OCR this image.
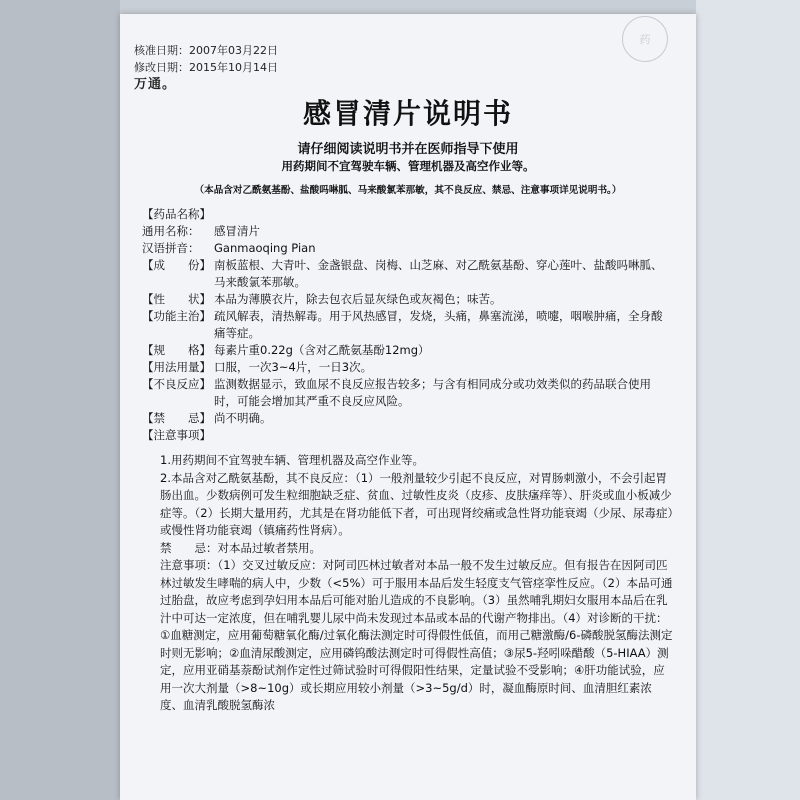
核准日期：2007年03月22日
修改日期：2015年10月14日
万通。
药
感冒清片说明书
请仔细阅读说明书并在医师指导下使用
用药期间不宜驾驶车辆、管理机器及高空作业等。
（本品含对乙酰氨基酚、盐酸吗啉胍、马来酸氯苯那敏，其不良反应、禁忌、注意事项详见说明书。）
【药品名称】
通用名称：	感冒清片
汉语拼音：	Ganmaoqing Pian
【成　　份】 南板蓝根、大青叶、金盏银盘、岗梅、山芝麻、对乙酰氨基酚、穿心莲叶、盐酸吗啉胍、马来酸氯苯那敏。
【性　　状】 本品为薄膜衣片，除去包衣后显灰绿色或灰褐色；味苦。
【功能主治】 疏风解表，清热解毒。用于风热感冒，发烧，头痛，鼻塞流涕，喷嚏，咽喉肿痛，全身酸痛等症。
【规　　格】 每素片重0.22g（含对乙酰氨基酚12mg）
【用法用量】 口服，一次3~4片，一日3次。
【不良反应】 监测数据显示，致血尿不良反应报告较多；与含有相同成分或功效类似的药品联合使用时，可能会增加其严重不良反应风险。
【禁　　忌】 尚不明确。
【注意事项】

1.用药期间不宜驾驶车辆、管理机器及高空作业等。

2.本品含对乙酰氨基酚，其不良反应：（1）一般剂量较少引起不良反应，对胃肠刺激小，不会引起胃肠出血。少数病例可发生粒细胞缺乏症、贫血、过敏性皮炎（皮疹、皮肤瘙痒等）、肝炎或血小板减少症等。（2）长期大量用药，尤其是在肾功能低下者，可出现肾绞痛或急性肾功能衰竭（少尿、尿毒症）或慢性肾功能衰竭（镇痛药性肾病）。

禁　　忌：对本品过敏者禁用。

注意事项：（1）交叉过敏反应：对阿司匹林过敏者对本品一般不发生过敏反应。但有报告在因阿司匹林过敏发生哮喘的病人中，少数（<5%）可于服用本品后发生轻度支气管痉挛性反应。（2）本品可通过胎盘，故应考虑到孕妇用本品后可能对胎儿造成的不良影响。（3）虽然哺乳期妇女服用本品后在乳汁中可达一定浓度，但在哺乳婴儿尿中尚未发现过本品或本品的代谢产物排出。（4）对诊断的干扰：①血糖测定，应用葡萄糖氧化酶/过氧化酶法测定时可得假性低值，而用己糖激酶/6-磷酸脱氢酶法测定时则无影响；②血清尿酸测定，应用磷钨酸法测定时可得假性高值；③尿5-羟吲哚醋酸（5-HIAA）测定，应用亚硝基萘酚试剂作定性过筛试验时可得假阳性结果，定量试验不受影响；④肝功能试验，应用一次大剂量（>8~10g）或长期应用较小剂量（>3~5g/d）时，凝血酶原时间、血清胆红素浓度、血清乳酸脱氢酶浓
